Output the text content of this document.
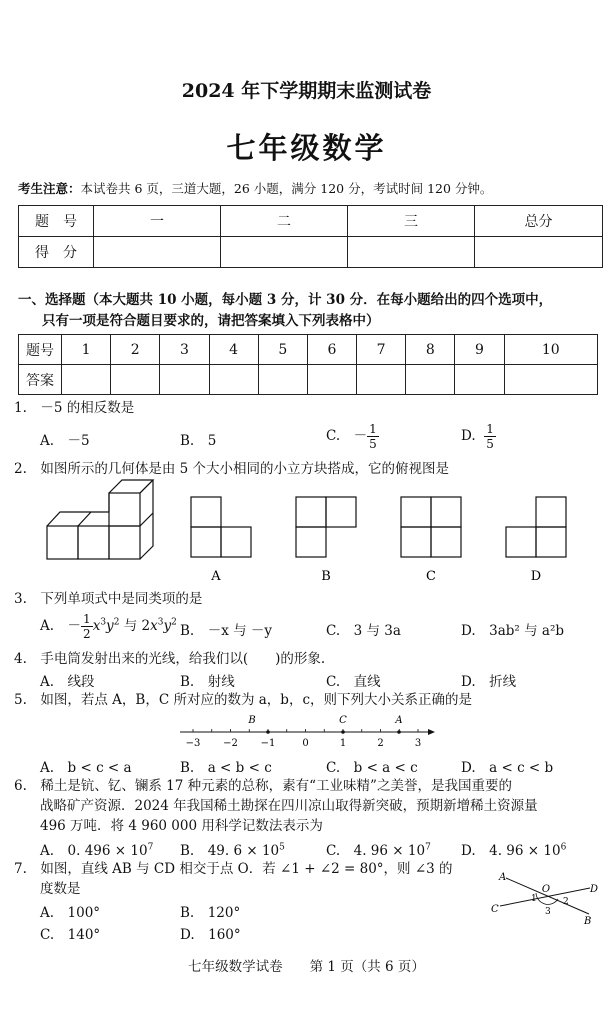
2024 年下学期期末监测试卷
七年级数学
考生注意：本试卷共 6 页，三道大题，26 小题，满分 120 分，考试时间 120 分钟。
题　号	一	二	三	总分
得　分				
一、选择题（本大题共 10 小题，每小题 3 分，计 30 分．在每小题给出的四个选项中，
只有一项是符合题目要求的，请把答案填入下列表格中）
题号	1	2	3	4	5	6	7	8	9	10
答案										
1.　－5 的相反数是
A.　－5	B.　5	C.　－ $\frac{1}{5}$	D. $\frac{1}{5}$
2.　如图所示的几何体是由 5 个大小相同的小立方块搭成，它的俯视图是
A	B	C	D
3.　下列单项式中是同类项的是
A.　－ $\frac{1}{2} x^3y^2$ 与 $2x^3y^2$
B.　－x 与 －y	C.　3 与 3a	D.　3ab² 与 a²b
4.　手电筒发射出来的光线，给我们以(　　)的形象.
A.　线段	B.　射线	C.　直线	D.　折线
5.　如图，若点 A，B，C 所对应的数为 a，b，c，则下列大小关系正确的是
−3 −2 −1	0	1	2	3
B	C	A
A.　b < c < a	B.　a < b < c	C.　b < a < c	D.　a < c < b
6.　稀土是钪、钇、镧系 17 种元素的总称，素有“工业味精”之美誉，是我国重要的
战略矿产资源．2024 年我国稀土勘探在四川凉山取得新突破，预期新增稀土资源量
496 万吨．将 4 960 000 用科学记数法表示为
A.　0. $496 \times 10^7$ B.　49. $6 \times 10^5$	C.　4. $96 \times 10^7$ D.　4. $96 \times 10^6$
7.　如图，直线 AB 与 CD 相交于点 O．若 ∠1 + ∠2 = 80°，则 ∠3 的
度数是
A.　100°	B.　120°
C.　140°	D.　160°
A
D
C
B
O
1	2
3
七年级数学试卷　　第 1 页（共 6 页）
